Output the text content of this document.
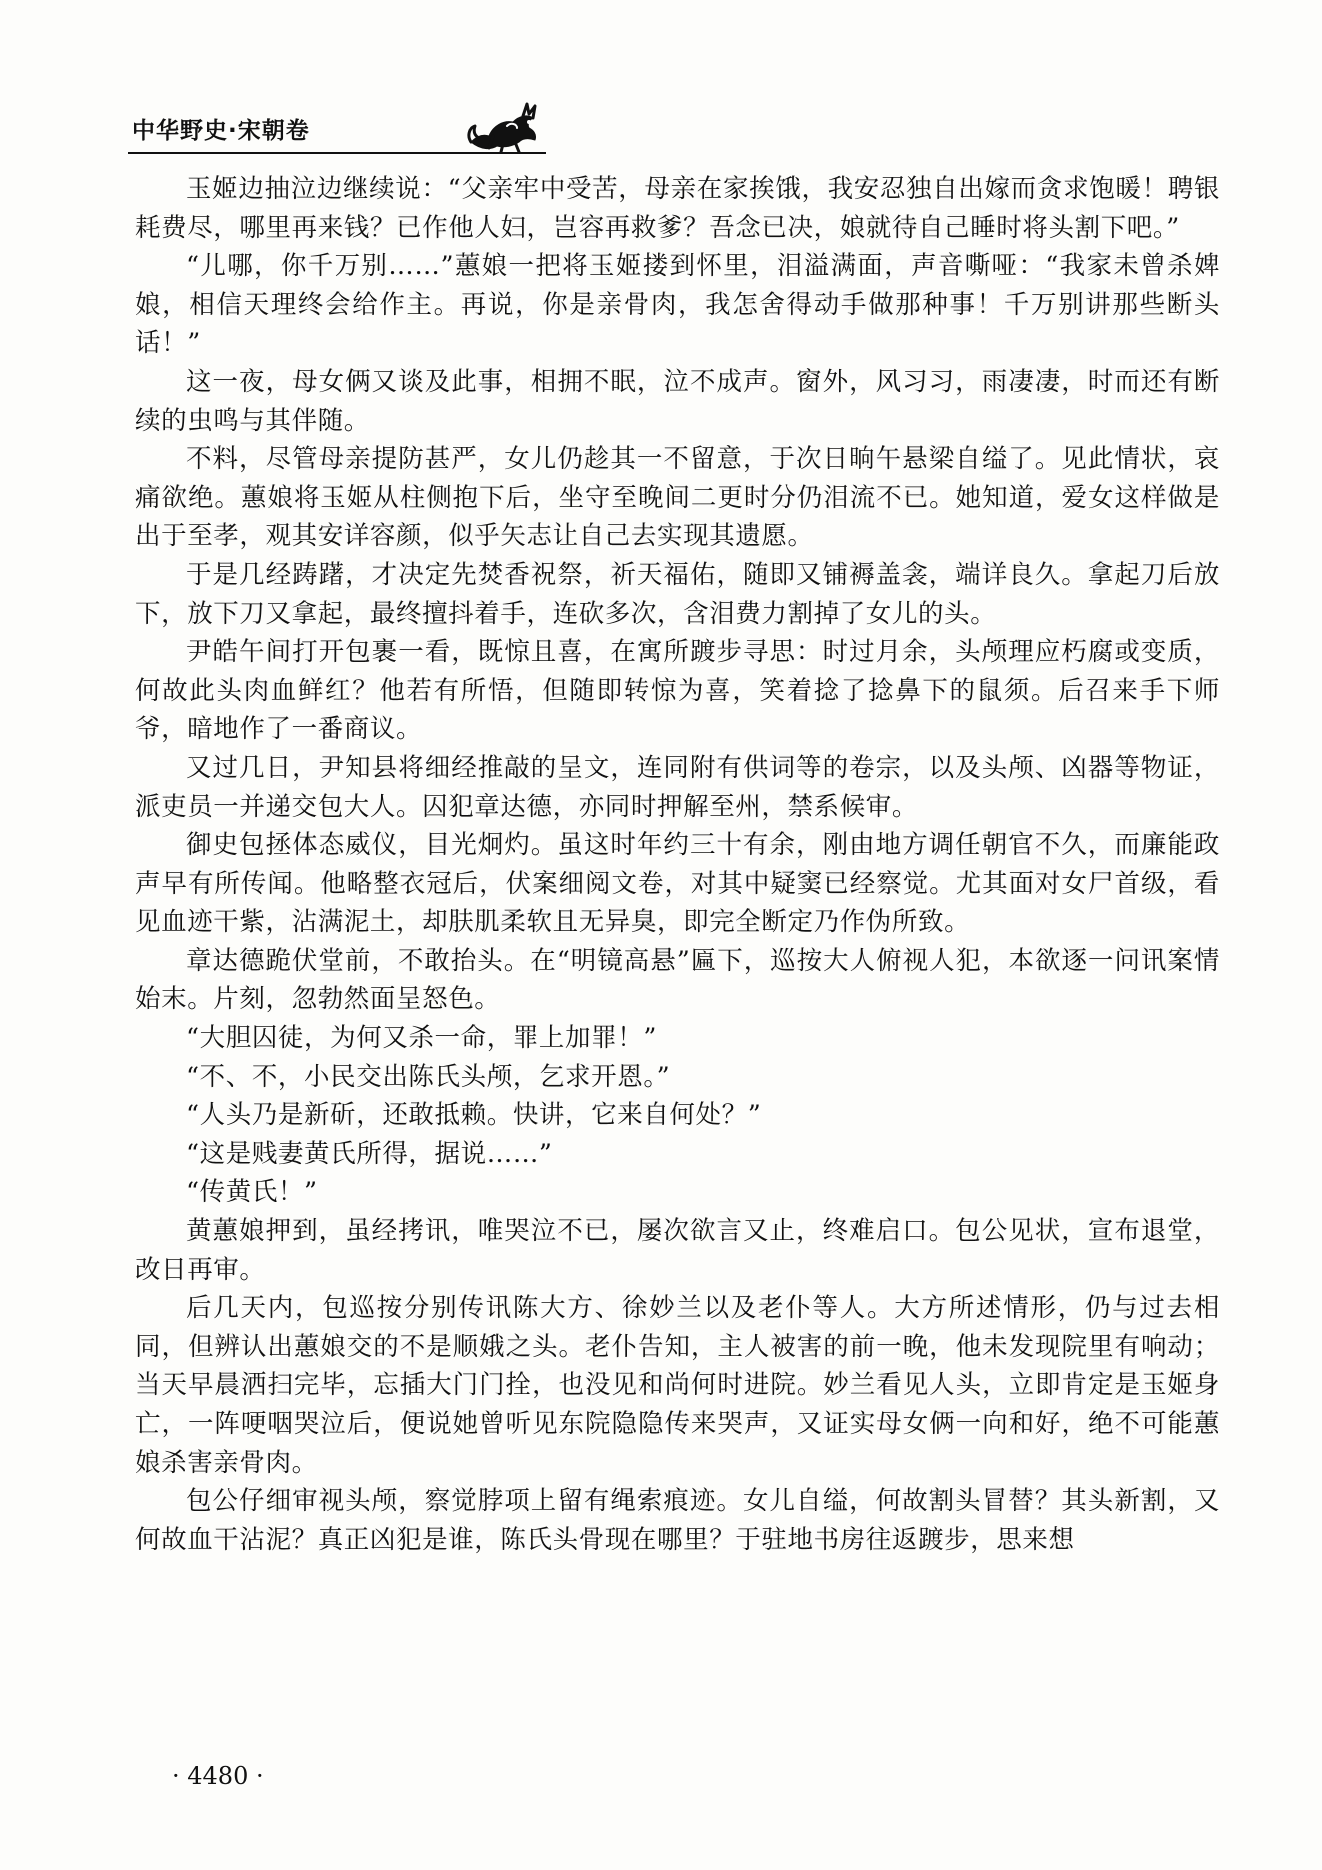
中华野史·宋朝卷

玉姬边抽泣边继续说：“父亲牢中受苦，母亲在家挨饿，我安忍独自出嫁而贪求饱暖！聘银耗费尽，哪里再来钱？已作他人妇，岂容再救爹？吾念已决，娘就待自己睡时将头割下吧。”

“儿哪，你千万别……”蕙娘一把将玉姬搂到怀里，泪溢满面，声音嘶哑：“我家未曾杀婢娘，相信天理终会给作主。再说，你是亲骨肉，我怎舍得动手做那种事！千万别讲那些断头话！”

这一夜，母女俩又谈及此事，相拥不眠，泣不成声。窗外，风习习，雨凄凄，时而还有断续的虫鸣与其伴随。

不料，尽管母亲提防甚严，女儿仍趁其一不留意，于次日晌午悬梁自缢了。见此情状，哀痛欲绝。蕙娘将玉姬从柱侧抱下后，坐守至晚间二更时分仍泪流不已。她知道，爱女这样做是出于至孝，观其安详容颜，似乎矢志让自己去实现其遗愿。

于是几经踌躇，才决定先焚香祝祭，祈天福佑，随即又铺褥盖衾，端详良久。拿起刀后放下，放下刀又拿起，最终擅抖着手，连砍多次，含泪费力割掉了女儿的头。

尹皓午间打开包裹一看，既惊且喜，在寓所踱步寻思：时过月余，头颅理应朽腐或变质，何故此头肉血鲜红？他若有所悟，但随即转惊为喜，笑着捻了捻鼻下的鼠须。后召来手下师爷，暗地作了一番商议。

又过几日，尹知县将细经推敲的呈文，连同附有供词等的卷宗，以及头颅、凶器等物证，派吏员一并递交包大人。囚犯章达德，亦同时押解至州，禁系候审。

御史包拯体态威仪，目光炯灼。虽这时年约三十有余，刚由地方调任朝官不久，而廉能政声早有所传闻。他略整衣冠后，伏案细阅文卷，对其中疑窦已经察觉。尤其面对女尸首级，看见血迹干紫，沾满泥土，却肤肌柔软且无异臭，即完全断定乃作伪所致。

章达德跪伏堂前，不敢抬头。在“明镜高悬”匾下，巡按大人俯视人犯，本欲逐一问讯案情始末。片刻，忽勃然面呈怒色。

“大胆囚徒，为何又杀一命，罪上加罪！”

“不、不，小民交出陈氏头颅，乞求开恩。”

“人头乃是新斫，还敢抵赖。快讲，它来自何处？”

“这是贱妻黄氏所得，据说……”

“传黄氏！”

黄蕙娘押到，虽经拷讯，唯哭泣不已，屡次欲言又止，终难启口。包公见状，宣布退堂，改日再审。

后几天内，包巡按分别传讯陈大方、徐妙兰以及老仆等人。大方所述情形，仍与过去相同，但辨认出蕙娘交的不是顺娥之头。老仆告知，主人被害的前一晚，他未发现院里有响动；当天早晨洒扫完毕，忘插大门门拴，也没见和尚何时进院。妙兰看见人头，立即肯定是玉姬身亡，一阵哽咽哭泣后，便说她曾听见东院隐隐传来哭声，又证实母女俩一向和好，绝不可能蕙娘杀害亲骨肉。

包公仔细审视头颅，察觉脖项上留有绳索痕迹。女儿自缢，何故割头冒替？其头新割，又何故血干沾泥？真正凶犯是谁，陈氏头骨现在哪里？于驻地书房往返踱步，思来想

· 4480 ·
